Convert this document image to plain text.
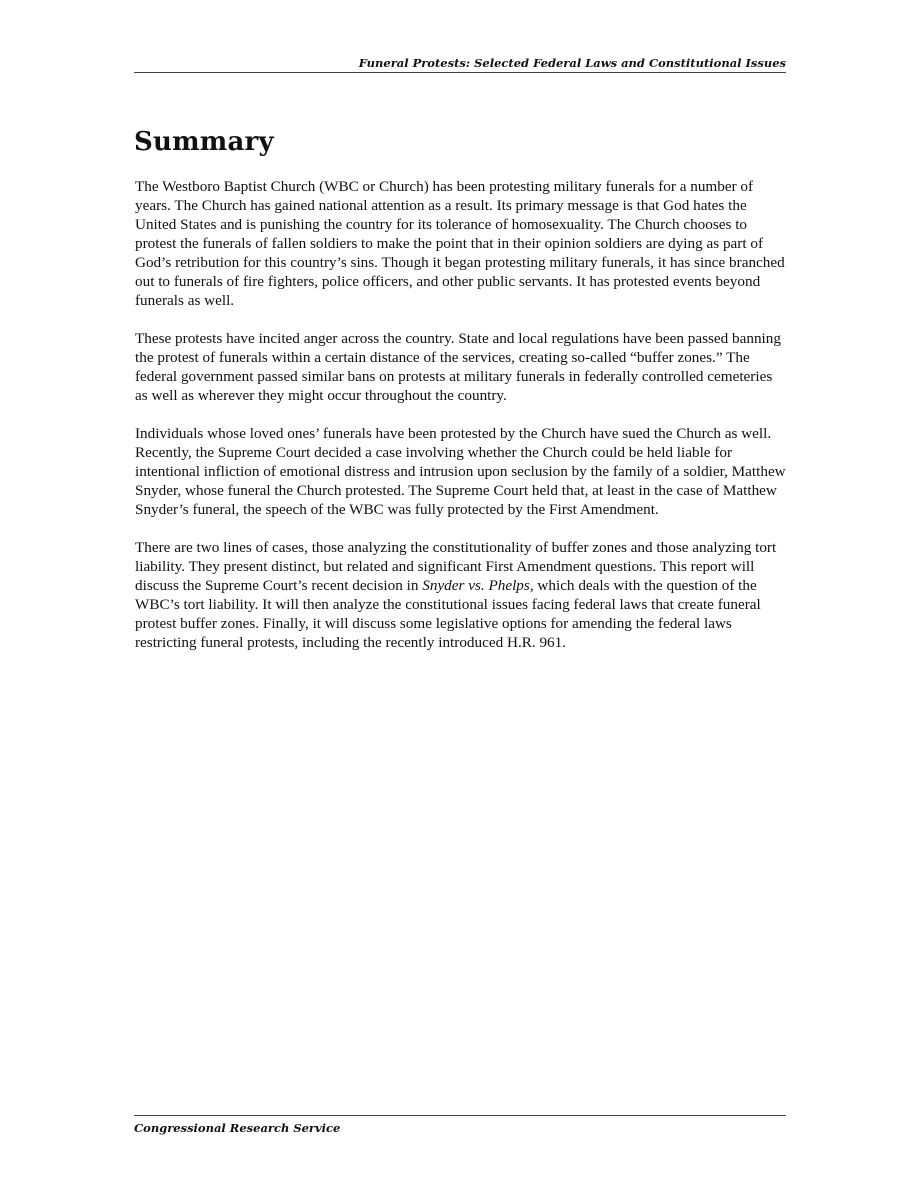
Funeral Protests: Selected Federal Laws and Constitutional Issues
Summary

The Westboro Baptist Church (WBC or Church) has been protesting military funerals for a number of years. The Church has gained national attention as a result. Its primary message is that God hates the United States and is punishing the country for its tolerance of homosexuality. The Church chooses to protest the funerals of fallen soldiers to make the point that in their opinion soldiers are dying as part of God’s retribution for this country’s sins. Though it began protesting military funerals, it has since branched out to funerals of fire fighters, police officers, and other public servants. It has protested events beyond funerals as well.

These protests have incited anger across the country. State and local regulations have been passed banning the protest of funerals within a certain distance of the services, creating so-called “buffer zones.” The federal government passed similar bans on protests at military funerals in federally controlled cemeteries as well as wherever they might occur throughout the country.

Individuals whose loved ones’ funerals have been protested by the Church have sued the Church as well. Recently, the Supreme Court decided a case involving whether the Church could be held liable for intentional infliction of emotional distress and intrusion upon seclusion by the family of a soldier, Matthew Snyder, whose funeral the Church protested. The Supreme Court held that, at least in the case of Matthew Snyder’s funeral, the speech of the WBC was fully protected by the First Amendment.

There are two lines of cases, those analyzing the constitutionality of buffer zones and those analyzing tort liability. They present distinct, but related and significant First Amendment questions. This report will discuss the Supreme Court’s recent decision in Snyder vs. Phelps, which deals with the question of the WBC’s tort liability. It will then analyze the constitutional issues facing federal laws that create funeral protest buffer zones. Finally, it will discuss some legislative options for amending the federal laws restricting funeral protests, including the recently introduced H.R. 961.

Congressional Research Service
